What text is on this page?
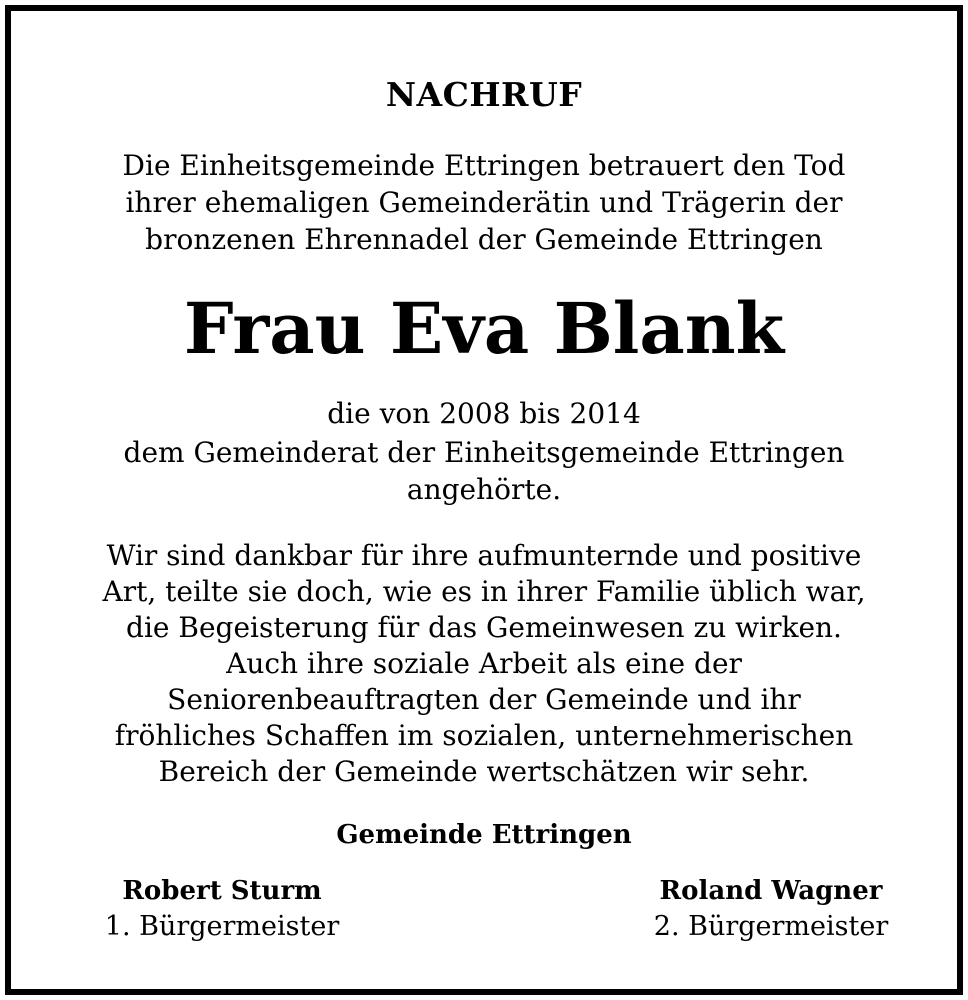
NACHRUF
Die Einheitsgemeinde Ettringen betrauert den Tod
ihrer ehemaligen Gemeinderätin und Trägerin der
bronzenen Ehrennadel der Gemeinde Ettringen
Frau Eva Blank
die von 2008 bis 2014
dem Gemeinderat der Einheitsgemeinde Ettringen
angehörte.
Wir sind dankbar für ihre aufmunternde und positive
Art, teilte sie doch, wie es in ihrer Familie üblich war,
die Begeisterung für das Gemeinwesen zu wirken.
Auch ihre soziale Arbeit als eine der
Seniorenbeauftragten der Gemeinde und ihr
fröhliches Schaffen im sozialen, unternehmerischen
Bereich der Gemeinde wertschätzen wir sehr.
Gemeinde Ettringen
Robert Sturm
1. Bürgermeister
Roland Wagner
2. Bürgermeister
